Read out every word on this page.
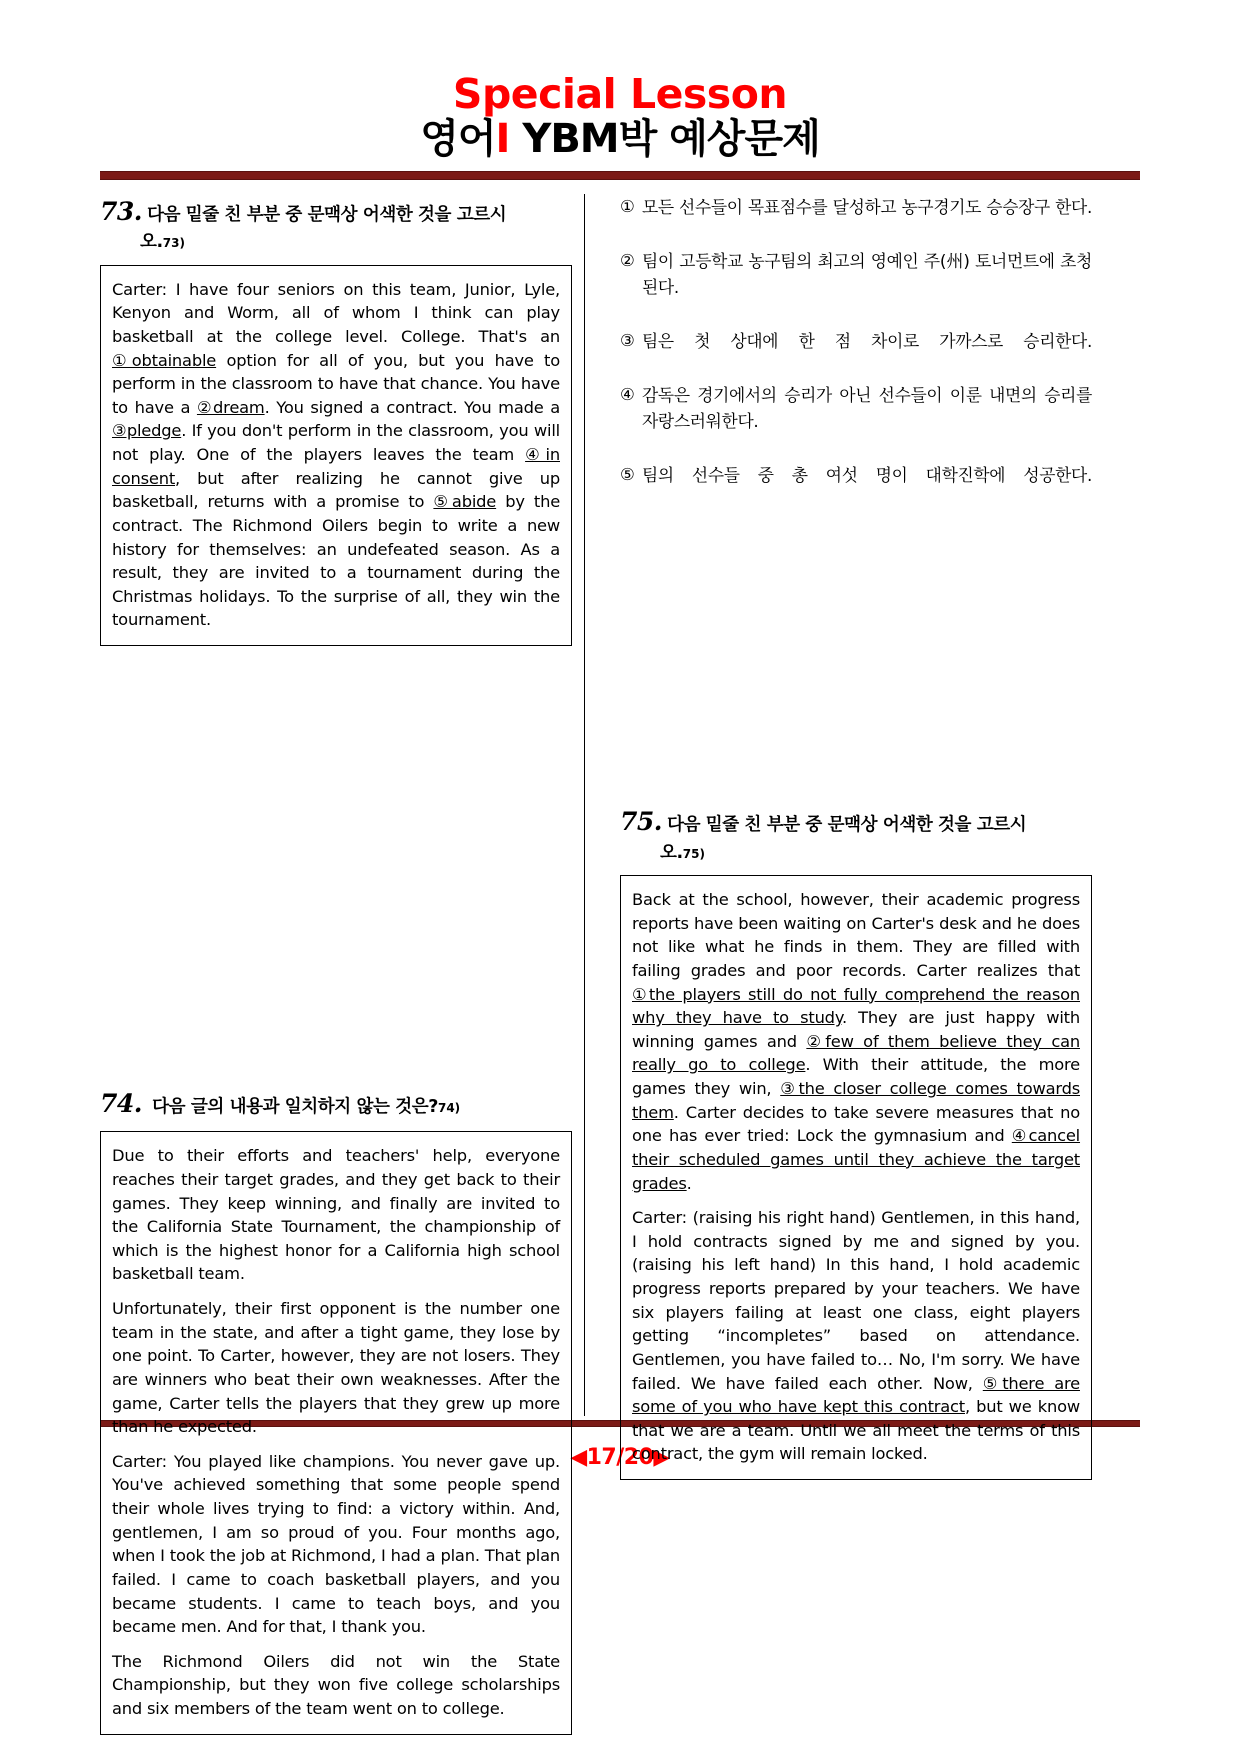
Special Lesson
영어I YBM박 예상문제
73. 다음 밑줄 친 부분 중 문맥상 어색한 것을 고르시
오.73)

Carter: I have four seniors on this team, Junior, Lyle, Kenyon and Worm, all of whom I think can play basketball at the college level. College. That's an ①obtainable option for all of you, but you have to perform in the classroom to have that chance. You have to have a ②dream. You signed a contract. You made a ③pledge. If you don't perform in the classroom, you will not play. One of the players leaves the team ④in consent, but after realizing he cannot give up basketball, returns with a promise to ⑤abide by the contract. The Richmond Oilers begin to write a new history for themselves: an undefeated season. As a result, they are invited to a tournament during the Christmas holidays. To the surprise of all, they win the tournament.

74. 다음 글의 내용과 일치하지 않는 것은?74)

Due to their efforts and teachers' help, everyone reaches their target grades, and they get back to their games. They keep winning, and finally are invited to the California State Tournament, the championship of which is the highest honor for a California high school basketball team.

Unfortunately, their first opponent is the number one team in the state, and after a tight game, they lose by one point. To Carter, however, they are not losers. They are winners who beat their own weaknesses. After the game, Carter tells the players that they grew up more than he expected.

Carter: You played like champions. You never gave up. You've achieved something that some people spend their whole lives trying to find: a victory within. And, gentlemen, I am so proud of you. Four months ago, when I took the job at Richmond, I had a plan. That plan failed. I came to coach basketball players, and you became students. I came to teach boys, and you became men. And for that, I thank you.

The Richmond Oilers did not win the State Championship, but they won five college scholarships and six members of the team went on to college.

① 모든 선수들이 목표점수를 달성하고 농구경기도 승승장구 한다.
② 팀이 고등학교 농구팀의 최고의 영예인 주(州) 토너먼트에 초청된다.
③ 팀은 첫 상대에 한 점 차이로 가까스로 승리한다.
④ 감독은 경기에서의 승리가 아닌 선수들이 이룬 내면의 승리를 자랑스러워한다.
⑤ 팀의 선수들 중 총 여섯 명이 대학진학에 성공한다.
75. 다음 밑줄 친 부분 중 문맥상 어색한 것을 고르시
오.75)

Back at the school, however, their academic progress reports have been waiting on Carter's desk and he does not like what he finds in them. They are filled with failing grades and poor records. Carter realizes that ①the players still do not fully comprehend the reason why they have to study. They are just happy with winning games and ②few of them believe they can really go to college. With their attitude, the more games they win, ③the closer college comes towards them. Carter decides to take severe measures that no one has ever tried: Lock the gymnasium and ④cancel their scheduled games until they achieve the target grades.

Carter: (raising his right hand) Gentlemen, in this hand, I hold contracts signed by me and signed by you. (raising his left hand) In this hand, I hold academic progress reports prepared by your teachers. We have six players failing at least one class, eight players getting “incompletes” based on attendance. Gentlemen, you have failed to… No, I'm sorry. We have failed. We have failed each other. Now, ⑤there are some of you who have kept this contract, but we know that we are a team. Until we all meet the terms of this contract, the gym will remain locked.

◀17/20▶
